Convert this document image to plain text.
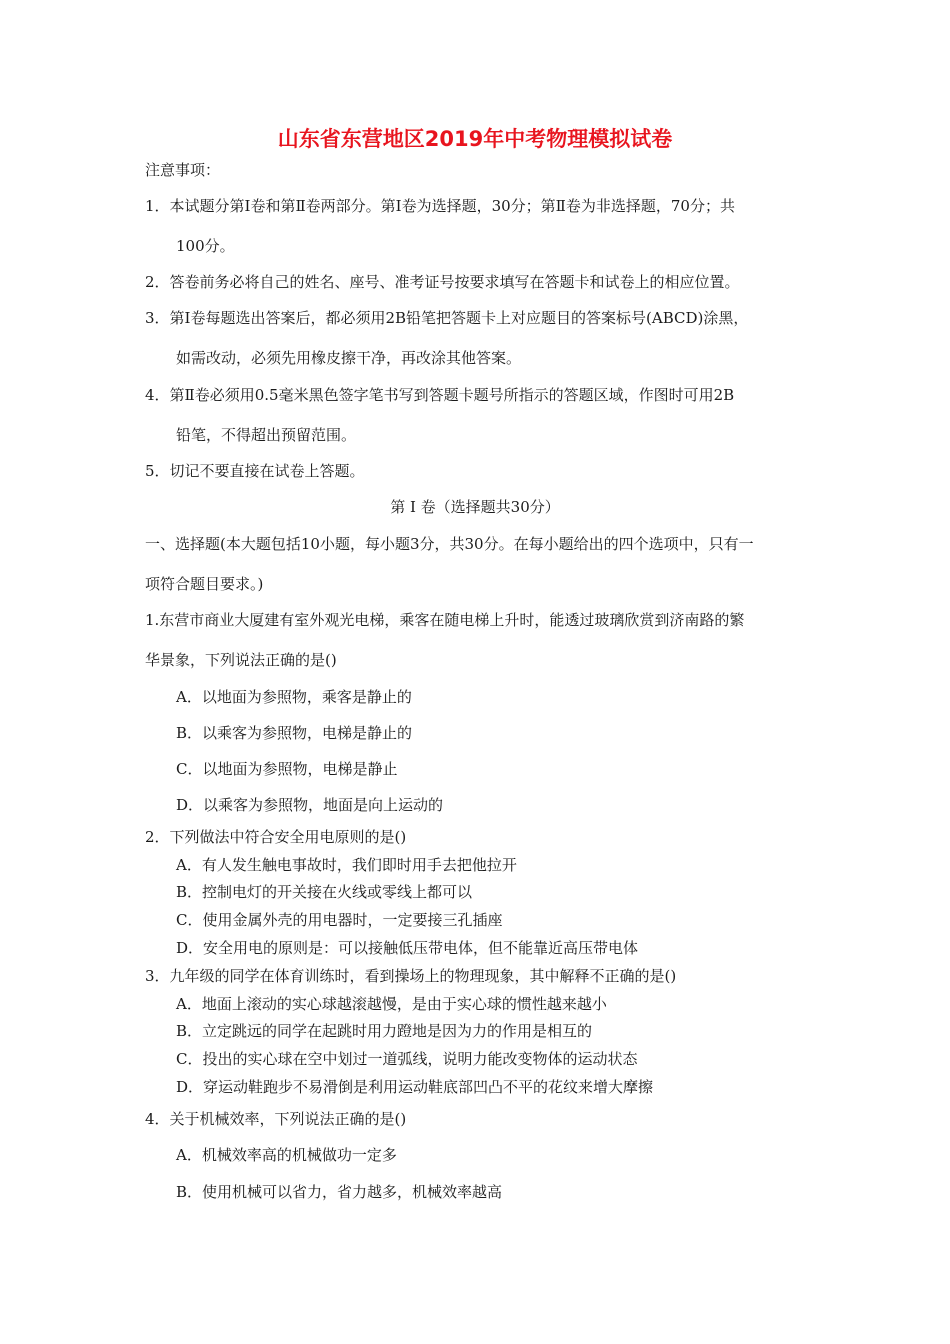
山东省东营地区2019年中考物理模拟试卷
注意事项：
1．本试题分第Ⅰ卷和第Ⅱ卷两部分。第Ⅰ卷为选择题，30分；第Ⅱ卷为非选择题，70分；共
100分。
2．答卷前务必将自己的姓名、座号、准考证号按要求填写在答题卡和试卷上的相应位置。
3．第Ⅰ卷每题选出答案后，都必须用2B铅笔把答题卡上对应题目的答案标号(ABCD)涂黑，
如需改动，必须先用橡皮擦干净，再改涂其他答案。
4．第Ⅱ卷必须用0.5毫米黑色签字笔书写到答题卡题号所指示的答题区域，作图时可用2B
铅笔，不得超出预留范围。
5．切记不要直接在试卷上答题。
第 Ⅰ 卷（选择题共30分）
一、选择题(本大题包括10小题，每小题3分，共30分。在每小题给出的四个选项中，只有一
项符合题目要求。)
1.东营市商业大厦建有室外观光电梯，乘客在随电梯上升时，能透过玻璃欣赏到济南路的繁
华景象，下列说法正确的是()
A．以地面为参照物，乘客是静止的
B．以乘客为参照物，电梯是静止的
C．以地面为参照物，电梯是静止
D．以乘客为参照物，地面是向上运动的
2．下列做法中符合安全用电原则的是()
A．有人发生触电事故时，我们即时用手去把他拉开
B．控制电灯的开关接在火线或零线上都可以
C．使用金属外壳的用电器时，一定要接三孔插座
D．安全用电的原则是：可以接触低压带电体，但不能靠近高压带电体
3．九年级的同学在体育训练时，看到操场上的物理现象，其中解释不正确的是()
A．地面上滚动的实心球越滚越慢，是由于实心球的惯性越来越小
B．立定跳远的同学在起跳时用力蹬地是因为力的作用是相互的
C．投出的实心球在空中划过一道弧线，说明力能改变物体的运动状态
D．穿运动鞋跑步不易滑倒是利用运动鞋底部凹凸不平的花纹来增大摩擦
4．关于机械效率，下列说法正确的是()
A．机械效率高的机械做功一定多
B．使用机械可以省力，省力越多，机械效率越高
